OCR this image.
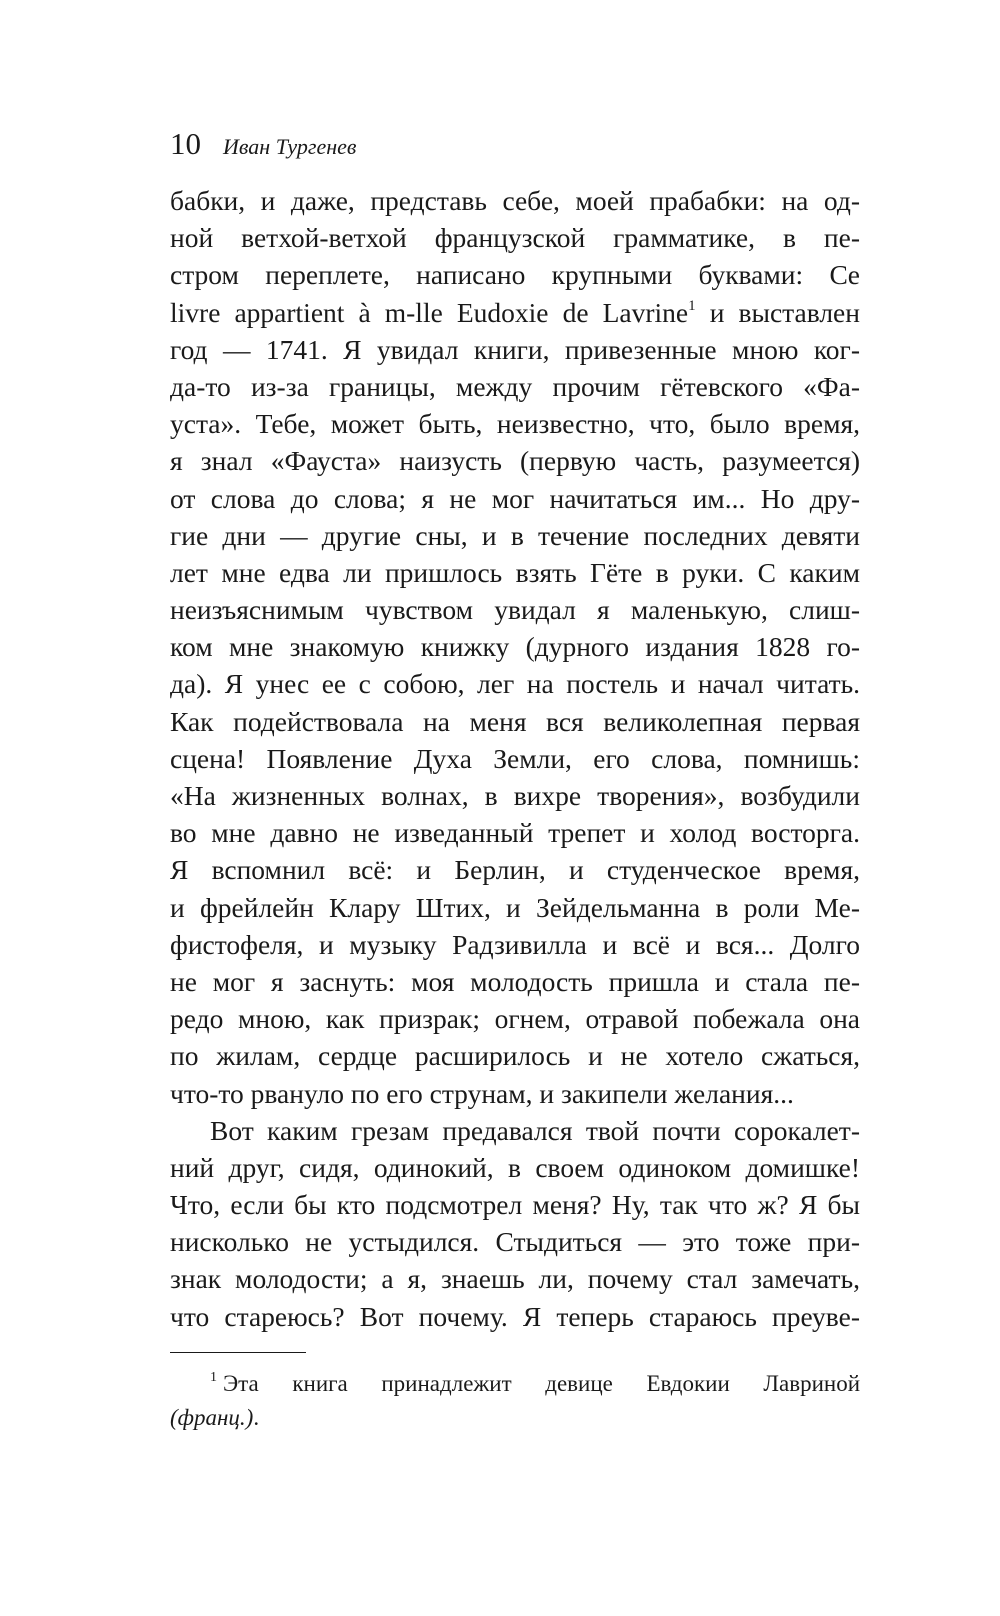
10 Иван Тургенев
бабки, и даже, представь себе, моей прабабки: на од-
ной ветхой-ветхой французской грамматике, в пе-
стром переплете, написано крупными буквами: Ce
livre appartient à m-lle Eudoxie de Lavrine$^1$ и выставлен
год — 1741. Я увидал книги, привезенные мною ког-
да-то из-за границы, между прочим гётевского «Фа-
уста». Тебе, может быть, неизвестно, что, было время,
я знал «Фауста» наизусть (первую часть, разумеется)
от слова до слова; я не мог начитаться им... Но дру-
гие дни — другие сны, и в течение последних девяти
лет мне едва ли пришлось взять Гёте в руки. С каким
неизъяснимым чувством увидал я маленькую, слиш-
ком мне знакомую книжку (дурного издания 1828 го-
да). Я унес ее с собою, лег на постель и начал читать.
Как подействовала на меня вся великолепная первая
сцена! Появление Духа Земли, его слова, помнишь:
«На жизненных волнах, в вихре творения», возбудили
во мне давно не изведанный трепет и холод восторга.
Я вспомнил всё: и Берлин, и студенческое время,
и фрейлейн Клару Штих, и Зейдельманна в роли Ме-
фистофеля, и музыку Радзивилла и всё и вся... Долго
не мог я заснуть: моя молодость пришла и стала пе-
редо мною, как призрак; огнем, отравой побежала она
по жилам, сердце расширилось и не хотело сжаться,
что-то рвануло по его струнам, и закипели желания...
Вот каким грезам предавался твой почти сорокалет-
ний друг, сидя, одинокий, в своем одиноком домишке!
Что, если бы кто подсмотрел меня? Ну, так что ж? Я бы
нисколько не устыдился. Стыдиться — это тоже при-
знак молодости; а я, знаешь ли, почему стал замечать,
что стареюсь? Вот почему. Я теперь стараюсь преуве-
$^1$ Эта книга принадлежит девице Евдокии Лавриной
(франц.).
